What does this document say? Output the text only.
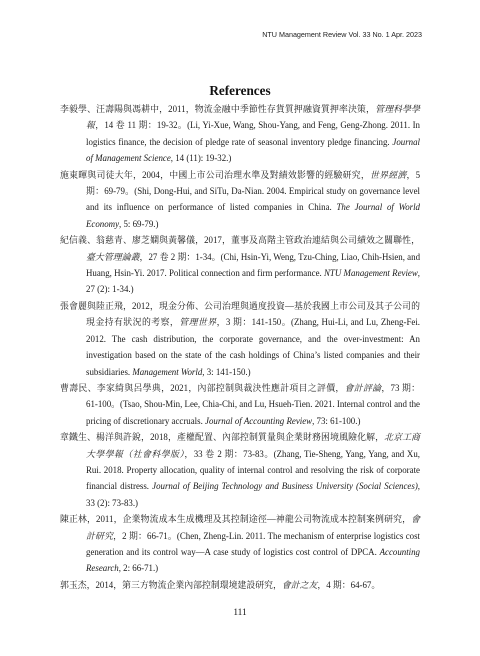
NTU Management Review Vol. 33 No. 1 Apr. 2023
References

李毅學、汪壽陽與馮耕中，2011，物流金融中季節性存貨質押融資質押率決策，管理科學學報，14 卷 11 期：19-32。(Li, Yi-Xue, Wang, Shou-Yang, and Feng, Geng-Zhong. 2011. In logistics finance, the decision of pledge rate of seasonal inventory pledge financing. Journal of Management Science, 14 (11): 19-32.)

施東暉與司徒大年，2004，中國上市公司治理水準及對績效影響的經驗研究，世界經濟，5 期：69-79。(Shi, Dong-Hui, and SiTu, Da-Nian. 2004. Empirical study on governance level and its influence on performance of listed companies in China. The Journal of World Economy, 5: 69-79.)

紀信義、翁慈青、廖芝嫻與黃馨儀，2017，董事及高階主管政治連結與公司績效之關聯性，臺大管理論叢，27 卷 2 期：1-34。(Chi, Hsin-Yi, Weng, Tzu-Ching, Liao, Chih-Hsien, and Huang, Hsin-Yi. 2017. Political connection and firm performance. NTU Management Review, 27 (2): 1-34.)

張會麗與陸正飛，2012，現金分佈、公司治理與過度投資—基於我國上市公司及其子公司的現金持有狀況的考察，管理世界，3 期：141-150。(Zhang, Hui-Li, and Lu, Zheng-Fei. 2012. The cash distribution, the corporate governance, and the over-investment: An investigation based on the state of the cash holdings of China’s listed companies and their subsidiaries. Management World, 3: 141-150.)

曹壽民、李家綺與呂學典，2021，內部控制與裁決性應計項目之評價，會計評論，73 期：61-100。(Tsao, Shou-Min, Lee, Chia-Chi, and Lu, Hsueh-Tien. 2021. Internal control and the pricing of discretionary accruals. Journal of Accounting Review, 73: 61-100.)

章鐵生、楊洋與許銳，2018，產權配置、內部控制質量與企業財務困境風險化解，北京工商大學學報（社會科學版），33 卷 2 期：73-83。(Zhang, Tie-Sheng, Yang, Yang, and Xu, Rui. 2018. Property allocation, quality of internal control and resolving the risk of corporate financial distress. Journal of Beijing Technology and Business University (Social Sciences), 33 (2): 73-83.)

陳正林，2011，企業物流成本生成機理及其控制途徑—神龍公司物流成本控制案例研究，會計研究，2 期：66-71。(Chen, Zheng-Lin. 2011. The mechanism of enterprise logistics cost generation and its control way—A case study of logistics cost control of DPCA. Accounting Research, 2: 66-71.)

郭玉杰，2014，第三方物流企業內部控制環境建設研究，會計之友，4 期：64-67。

111
